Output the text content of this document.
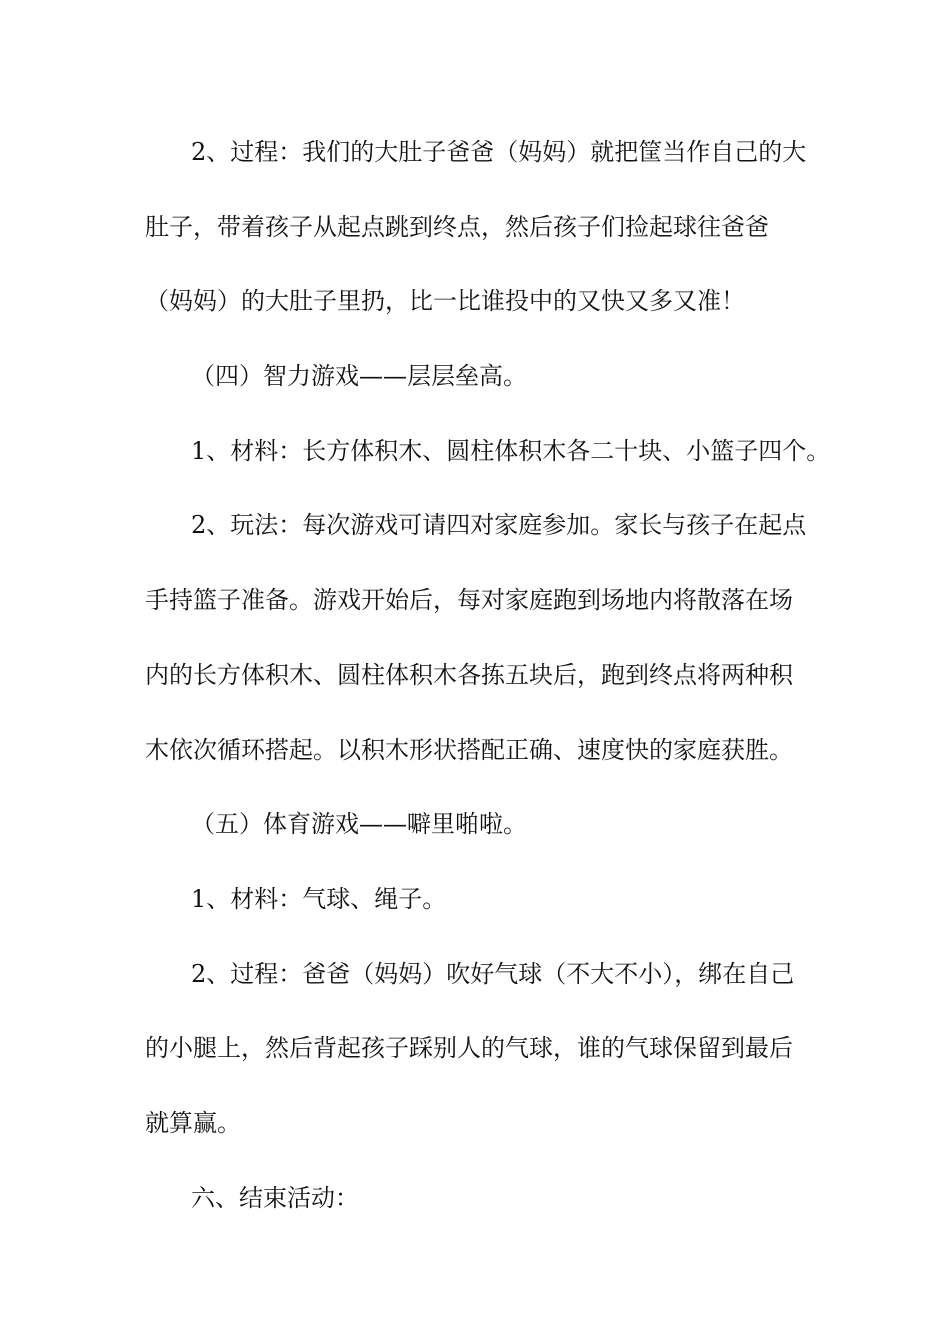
2、过程：我们的大肚子爸爸（妈妈）就把筐当作自己的大
肚子，带着孩子从起点跳到终点，然后孩子们捡起球往爸爸
（妈妈）的大肚子里扔，比一比谁投中的又快又多又准！
（四）智力游戏——层层垒高。
1、材料：长方体积木、圆柱体积木各二十块、小篮子四个。
2、玩法：每次游戏可请四对家庭参加。家长与孩子在起点
手持篮子准备。游戏开始后，每对家庭跑到场地内将散落在场
内的长方体积木、圆柱体积木各拣五块后，跑到终点将两种积
木依次循环搭起。以积木形状搭配正确、速度快的家庭获胜。
（五）体育游戏——噼里啪啦。
1、材料：气球、绳子。
2、过程：爸爸（妈妈）吹好气球（不大不小），绑在自己
的小腿上，然后背起孩子踩别人的气球，谁的气球保留到最后
就算赢。
六、结束活动：
